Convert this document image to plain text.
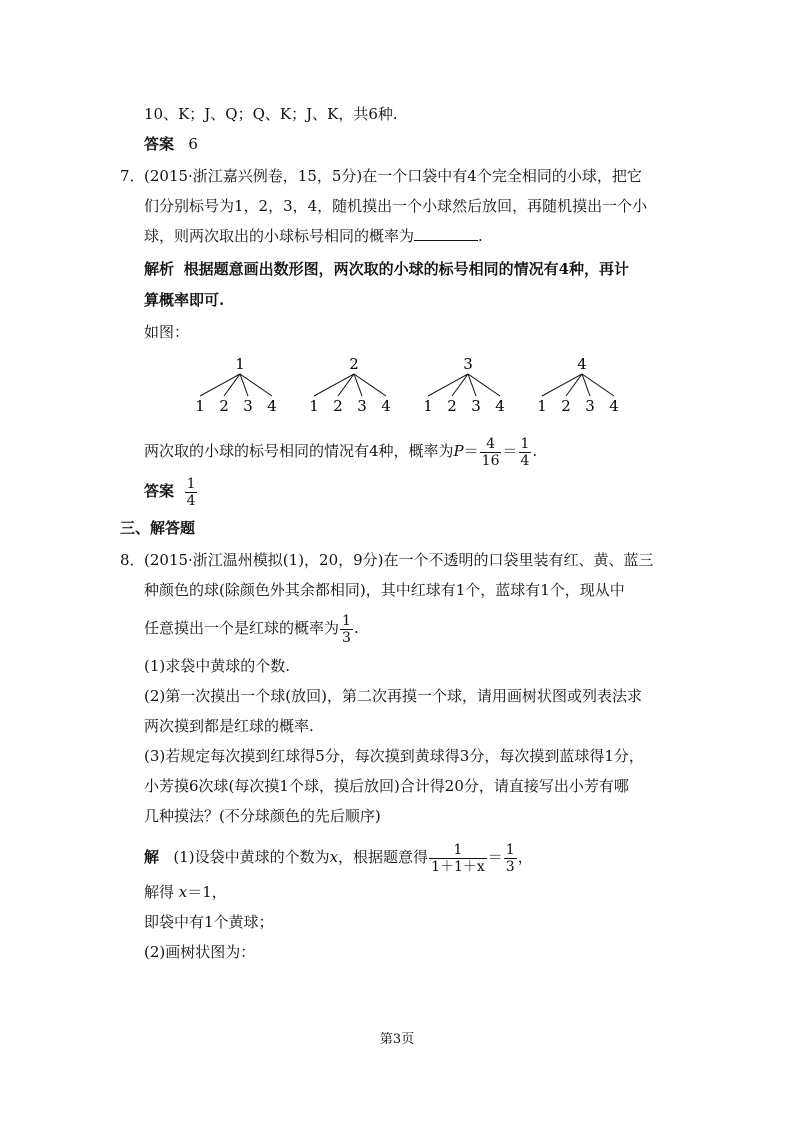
10、K；J、Q；Q、K；J、K，共6种.
答案 6
7． (2015·浙江嘉兴例卷，15，5分)在一个口袋中有4个完全相同的小球，把它
们分别标号为1，2，3，4，随机摸出一个小球然后放回，再随机摸出一个小
球，则两次取出的小球标号相同的概率为	.
解析 根据题意画出数形图，两次取的小球的标号相同的情况有4种，再计
算概率即可.
如图：
1
1 2 3 4
2
1 2 3 4
3
1 2 3 4
4
1 2 3 4
两次取的小球的标号相同的情况有4种，概率为$P= \frac{4}{16} = \frac{1}{4}$ .
答案 $\frac{1}{4}$
三、解答题
8． (2015·浙江温州模拟(1)，20，9分)在一个不透明的口袋里装有红、黄、蓝三
种颜色的球(除颜色外其余都相同)，其中红球有1个，蓝球有1个，现从中
任意摸出一个是红球的概率为 $\frac{1}{3}$ .
(1)求袋中黄球的个数.
(2)第一次摸出一个球(放回)，第二次再摸一个球，请用画树状图或列表法求
两次摸到都是红球的概率.
(3)若规定每次摸到红球得5分，每次摸到黄球得3分，每次摸到蓝球得1分，
小芳摸6次球(每次摸1个球，摸后放回)合计得20分，请直接写出小芳有哪
几种摸法？(不分球颜色的先后顺序)
解 (1)设袋中黄球的个数为x，根据题意得 $\frac{1}{1+1+x} = \frac{1}{3}$ ，
解得 x＝1，
即袋中有1个黄球；
(2)画树状图为：
第3页
